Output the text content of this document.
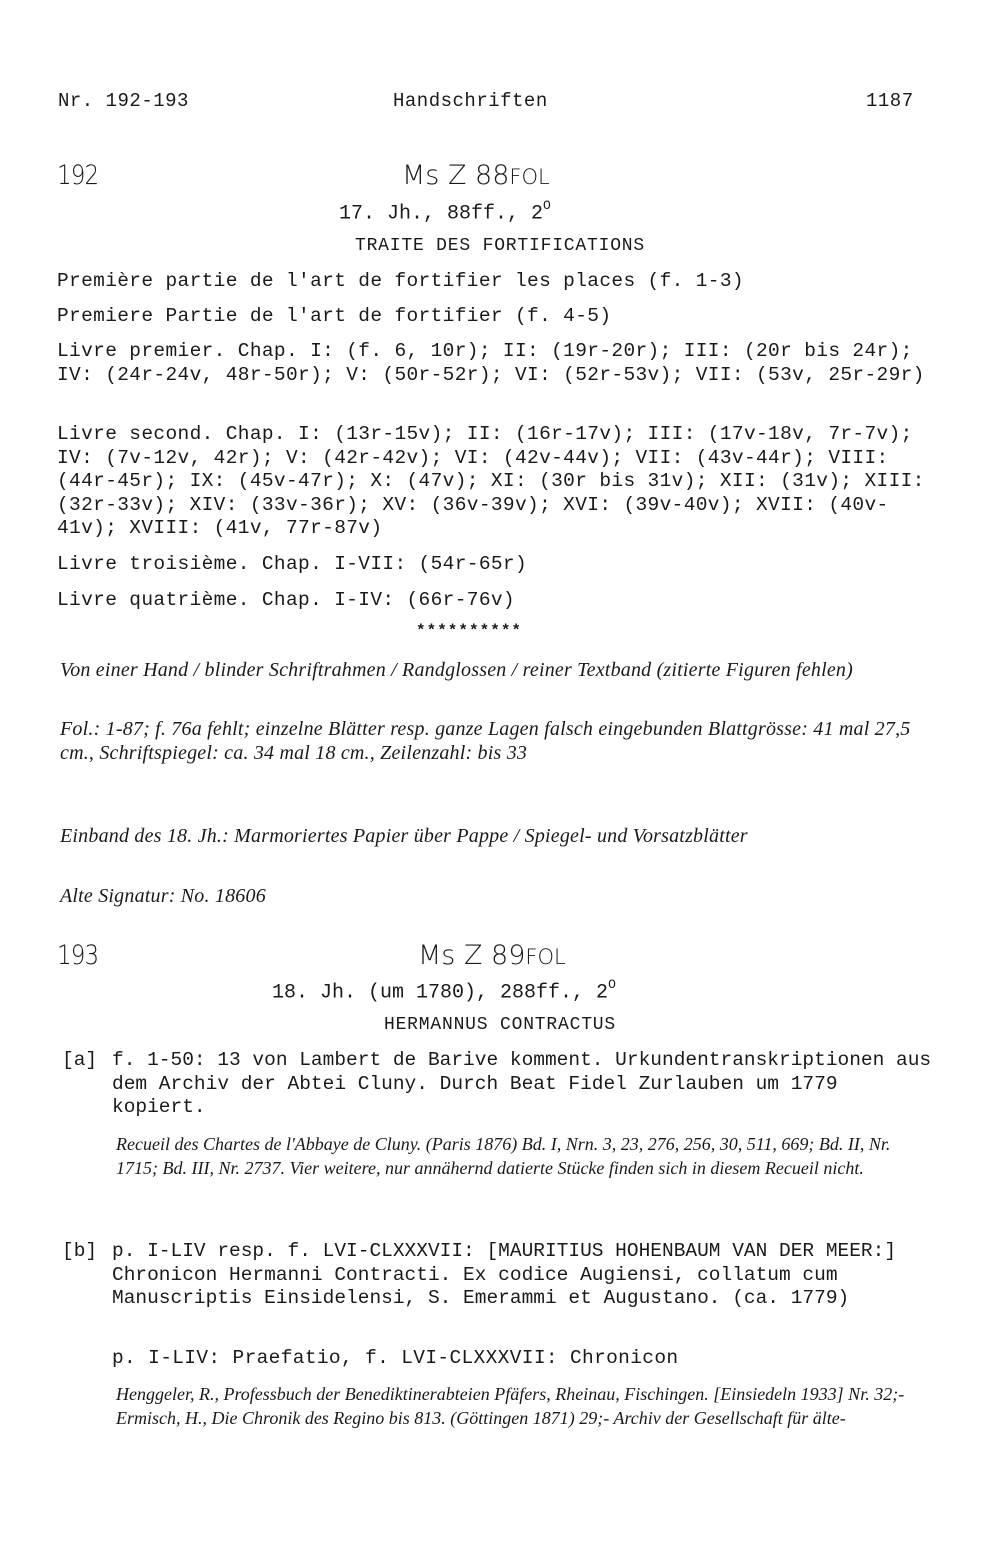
Nr. 192-193	Handschriften	1187
192	Ms Z 88FOL
17. Jh., 88ff., $2^O$
TRAITE DES FORTIFICATIONS

Première partie de l'art de fortifier les places (f. 1-3)

Premiere Partie de l'art de fortifier (f. 4-5)

Livre premier. Chap. I: (f. 6, 10r); II: (19r-20r); III: (20r bis 24r); IV: (24r-24v, 48r-50r); V: (50r-52r); VI: (52r-53v); VII: (53v, 25r-29r)

Livre second. Chap. I: (13r-15v); II: (16r-17v); III: (17v-18v, 7r-7v); IV: (7v-12v, 42r); V: (42r-42v); VI: (42v-44v); VII: (43v-44r); VIII: (44r-45r); IX: (45v-47r); X: (47v); XI: (30r bis 31v); XII: (31v); XIII: (32r-33v); XIV: (33v-36r); XV: (36v-39v); XVI: (39v-40v); XVII: (40v-41v); XVIII: (41v, 77r-87v)

Livre troisième. Chap. I-VII: (54r-65r)

Livre quatrième. Chap. I-IV: (66r-76v)

**********

Von einer Hand / blinder Schriftrahmen / Randglossen / reiner Textband (zitierte Figuren fehlen)

Fol.: 1-87; f. 76a fehlt; einzelne Blätter resp. ganze Lagen falsch eingebunden Blattgrösse: 41 mal 27,5 cm., Schriftspiegel: ca. 34 mal 18 cm., Zeilenzahl: bis 33

Einband des 18. Jh.: Marmoriertes Papier über Pappe / Spiegel- und Vorsatzblätter

Alte Signatur: No. 18606

193	Ms Z 89FOL
18. Jh. (um 1780), 288ff., $2^O$
HERMANNUS CONTRACTUS
[a] f. 1-50: 13 von Lambert de Barive komment. Urkundentranskriptionen aus dem Archiv der Abtei Cluny. Durch Beat Fidel Zurlauben um 1779 kopiert.

Recueil des Chartes de l'Abbaye de Cluny. (Paris 1876) Bd. I, Nrn. 3, 23, 276, 256, 30, 511, 669; Bd. II, Nr. 1715; Bd. III, Nr. 2737. Vier weitere, nur annähernd datierte Stücke finden sich in diesem Recueil nicht.

[b] p. I-LIV resp. f. LVI-CLXXXVII: [MAURITIUS HOHENBAUM VAN DER MEER:] Chronicon Hermanni Contracti. Ex codice Augiensi, collatum cum Manuscriptis Einsidelensi, S. Emerammi et Augustano. (ca. 1779)

p. I-LIV: Praefatio, f. LVI-CLXXXVII: Chronicon

Henggeler, R., Professbuch der Benediktinerabteien Pfäfers, Rheinau, Fischingen. [Einsiedeln 1933] Nr. 32;- Ermisch, H., Die Chronik des Regino bis 813. (Göttingen 1871) 29;- Archiv der Gesellschaft für älte-
